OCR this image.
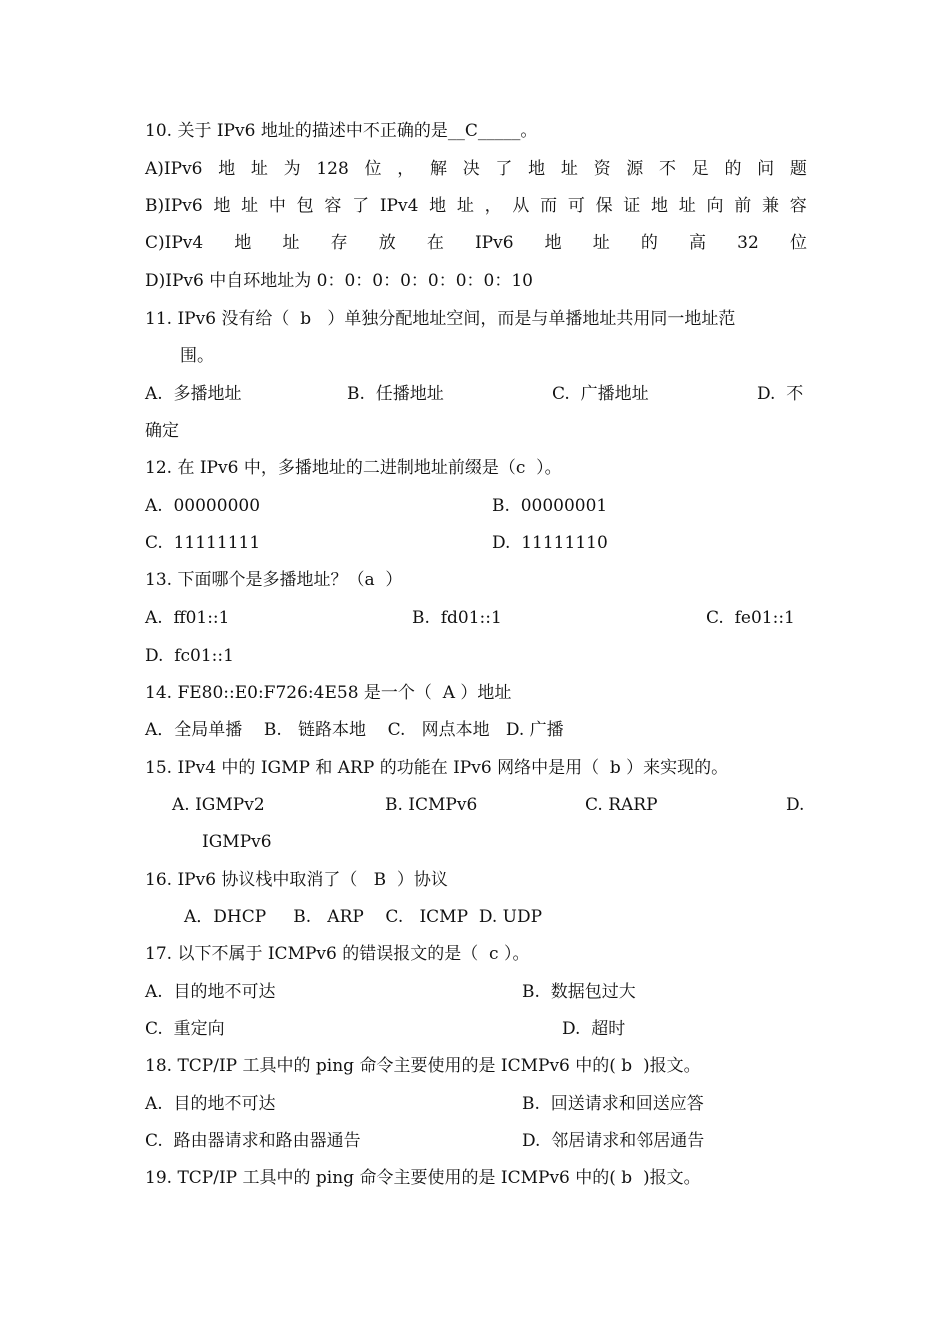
10. 关于 IPv6 地址的描述中不正确的是__C_____。
A)IPv6 地 址 为 128 位 ， 解 决 了 地 址 资 源 不 足 的 问 题
B)IPv6 地 址 中 包 容 了 IPv4 地 址 ， 从 而 可 保 证 地 址 向 前 兼 容
C)IPv4 地 址 存 放 在 IPv6 地 址 的 高 32 位
D)IPv6 中自环地址为 0：0：0：0：0：0：0：10
11. IPv6 没有给（  b   ）单独分配地址空间，而是与单播地址共用同一地址范
围。
A.  多播地址	B.  任播地址	C.  广播地址	D.  不
确定
12. 在 IPv6 中，多播地址的二进制地址前缀是（c  ）。
A.  00000000	B.  00000001
C.  11111111	D.  11111110
13. 下面哪个是多播地址？（a  ）
A.  ff01::1	B.  fd01::1	C.  fe01::1
D.  fc01::1
14. FE80::E0:F726:4E58 是一个（  A ）地址
A．全局单播    B.   链路本地    C.   网点本地   D. 广播
15. IPv4 中的 IGMP 和 ARP 的功能在 IPv6 网络中是用（  b ）来实现的。
A. IGMPv2	B. ICMPv6	C. RARP	D.
IGMPv6
16. IPv6 协议栈中取消了（   B  ）协议
A．DHCP     B.   ARP    C.   ICMP  D. UDP
17. 以下不属于 ICMPv6 的错误报文的是（  c ）。
A.  目的地不可达	B.  数据包过大
C.  重定向	D.  超时
18. TCP/IP 工具中的 ping 命令主要使用的是 ICMPv6 中的( b  )报文。
A.  目的地不可达	B.  回送请求和回送应答
C.  路由器请求和路由器通告	D.  邻居请求和邻居通告
19. TCP/IP 工具中的 ping 命令主要使用的是 ICMPv6 中的( b  )报文。
